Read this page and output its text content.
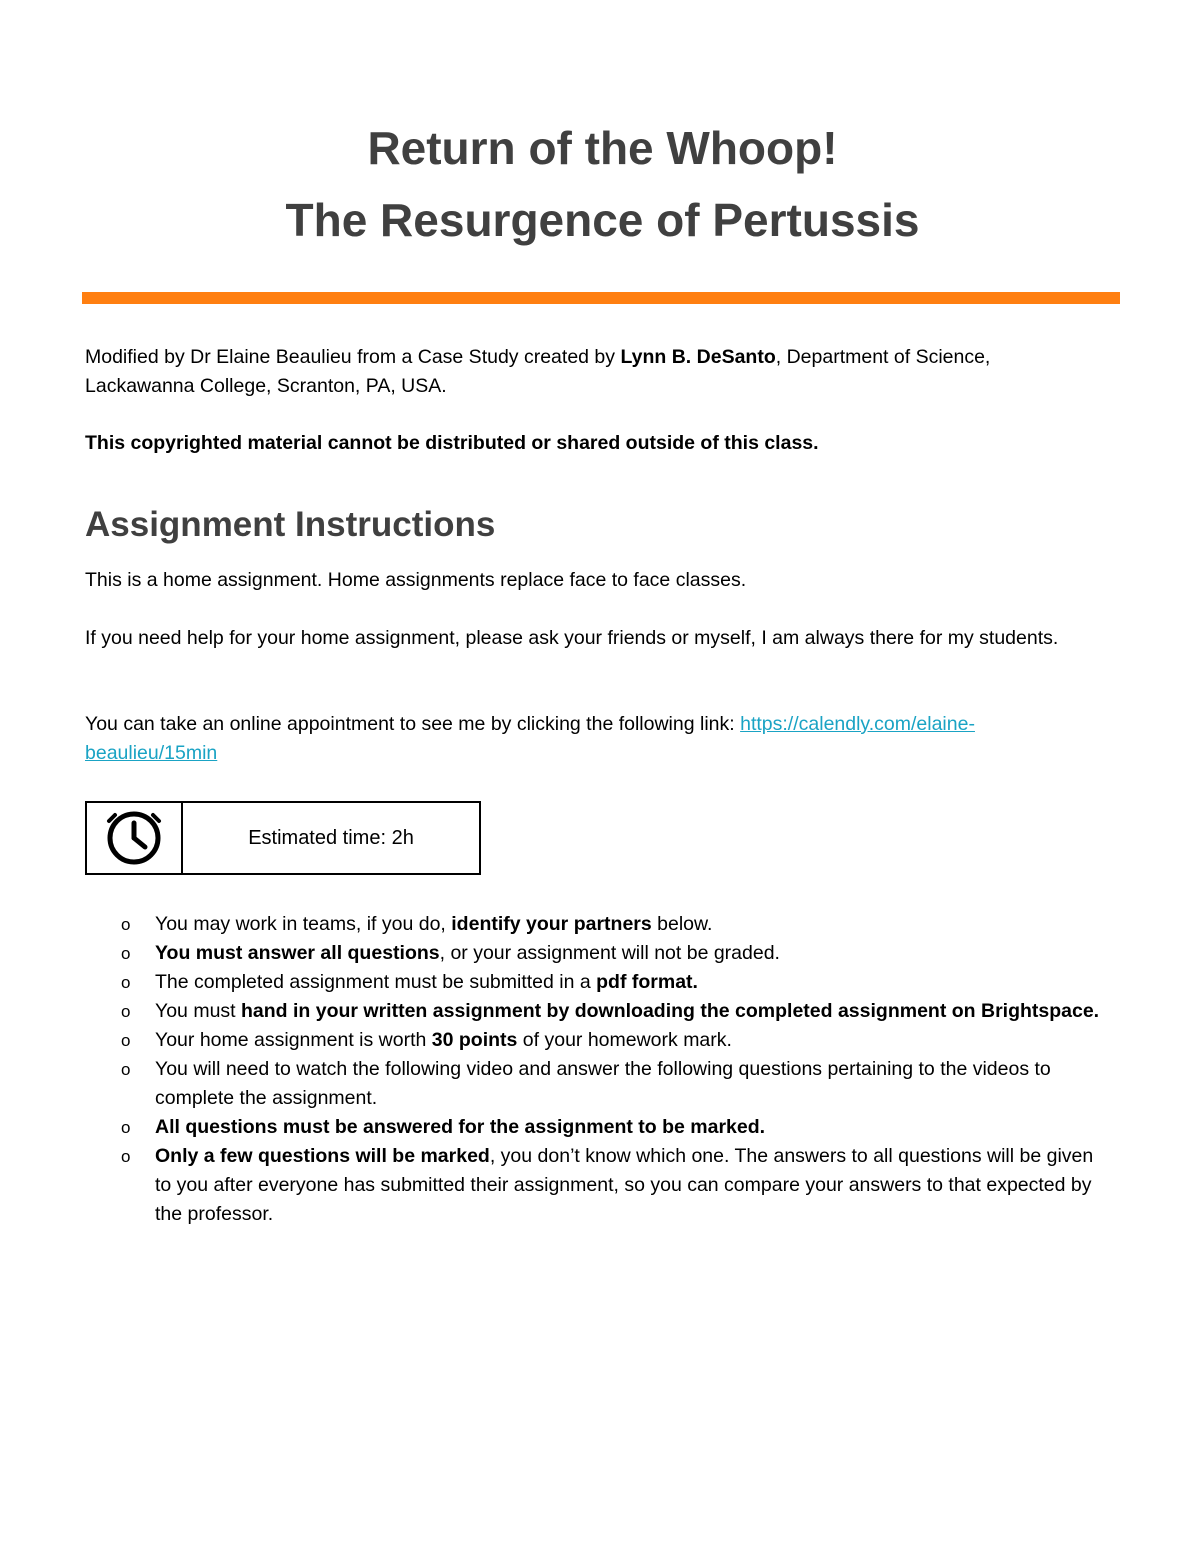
Return of the Whoop!
The Resurgence of Pertussis
Modified by Dr Elaine Beaulieu from a Case Study created by Lynn B. DeSanto, Department of Science, Lackawanna College, Scranton, PA, USA.
This copyrighted material cannot be distributed or shared outside of this class.
Assignment Instructions
This is a home assignment. Home assignments replace face to face classes.
If you need help for your home assignment, please ask your friends or myself, I am always there for my students.
You can take an online appointment to see me by clicking the following link: https://calendly.com/elaine-beaulieu/15min
Estimated time: 2h
o You may work in teams, if you do, identify your partners below.
o You must answer all questions, or your assignment will not be graded.
o The completed assignment must be submitted in a pdf format.
o You must hand in your written assignment by downloading the completed assignment on Brightspace.
o Your home assignment is worth 30 points of your homework mark.
o You will need to watch the following video and answer the following questions pertaining to the videos to complete the assignment.
o All questions must be answered for the assignment to be marked.
o Only a few questions will be marked, you don’t know which one. The answers to all questions will be given to you after everyone has submitted their assignment, so you can compare your answers to that expected by the professor.
